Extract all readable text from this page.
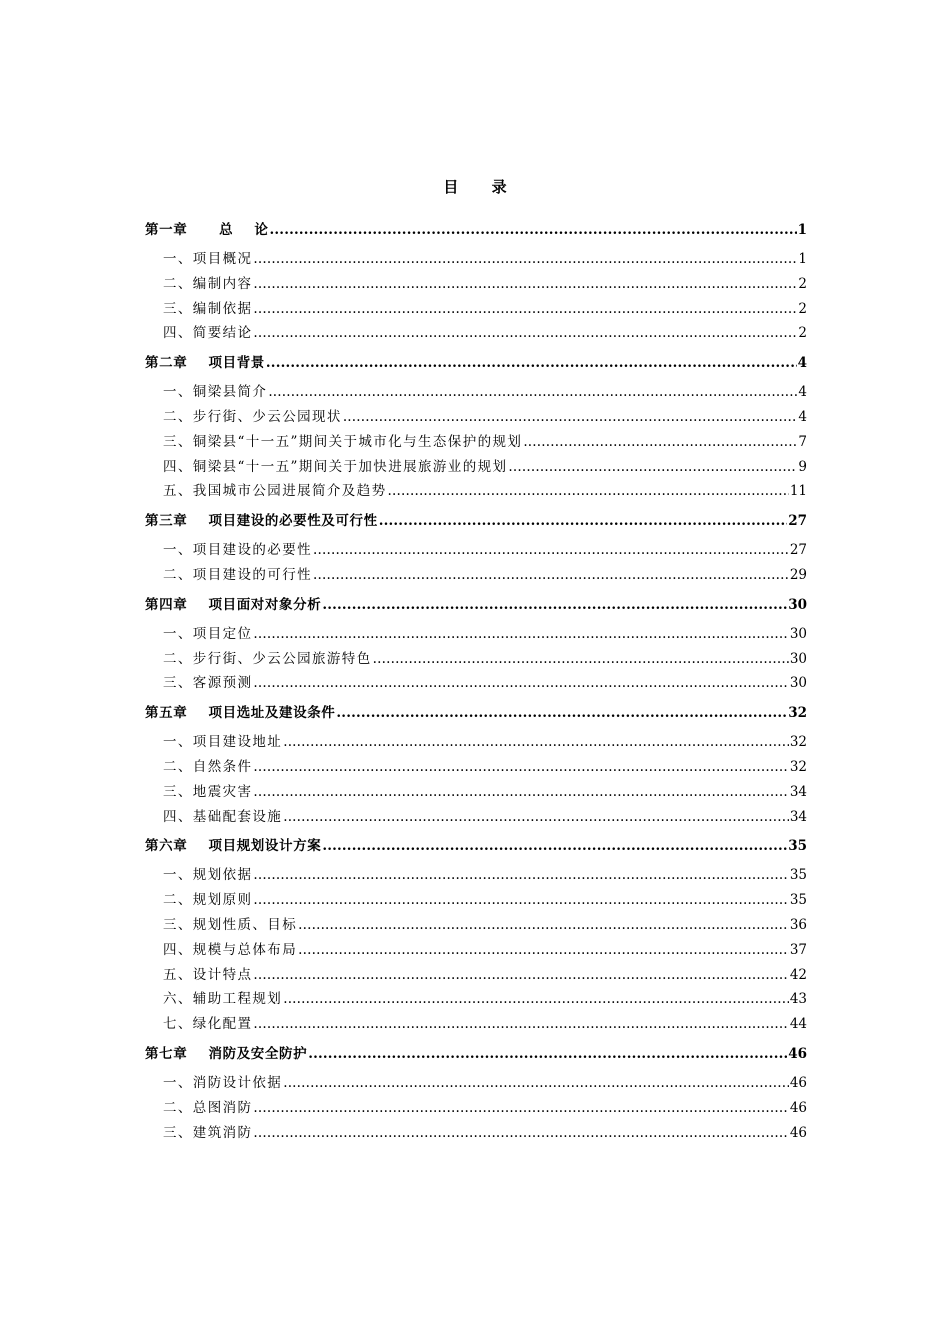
目 录
第一章      总    论 .....	1
一、项目概况 .....	1
二、编制内容 .....	2
三、编制依据 .....	2
四、简要结论 .....	2
第二章    项目背景 .....	4
一、铜梁县简介 .....	4
二、步行街、少云公园现状 .....	4
三、铜梁县“十一五”期间关于城市化与生态保护的规划 .....	7
四、铜梁县“十一五”期间关于加快进展旅游业的规划 .....	9
五、我国城市公园进展简介及趋势 .....	11
第三章    项目建设的必要性及可行性 .....	27
一、项目建设的必要性 .....	27
二、项目建设的可行性 .....	29
第四章    项目面对对象分析 .....	30
一、项目定位 .....	30
二、步行街、少云公园旅游特色 .....	30
三、客源预测 .....	30
第五章    项目选址及建设条件 .....	32
一、项目建设地址 .....	32
二、自然条件 .....	32
三、地震灾害 .....	34
四、基础配套设施 .....	34
第六章    项目规划设计方案 .....	35
一、规划依据 .....	35
二、规划原则 .....	35
三、规划性质、目标 .....	36
四、规模与总体布局 .....	37
五、设计特点 .....	42
六、辅助工程规划 .....	43
七、绿化配置 .....	44
第七章    消防及安全防护 .....	46
一、消防设计依据 .....	46
二、总图消防 .....	46
三、建筑消防 .....	46
